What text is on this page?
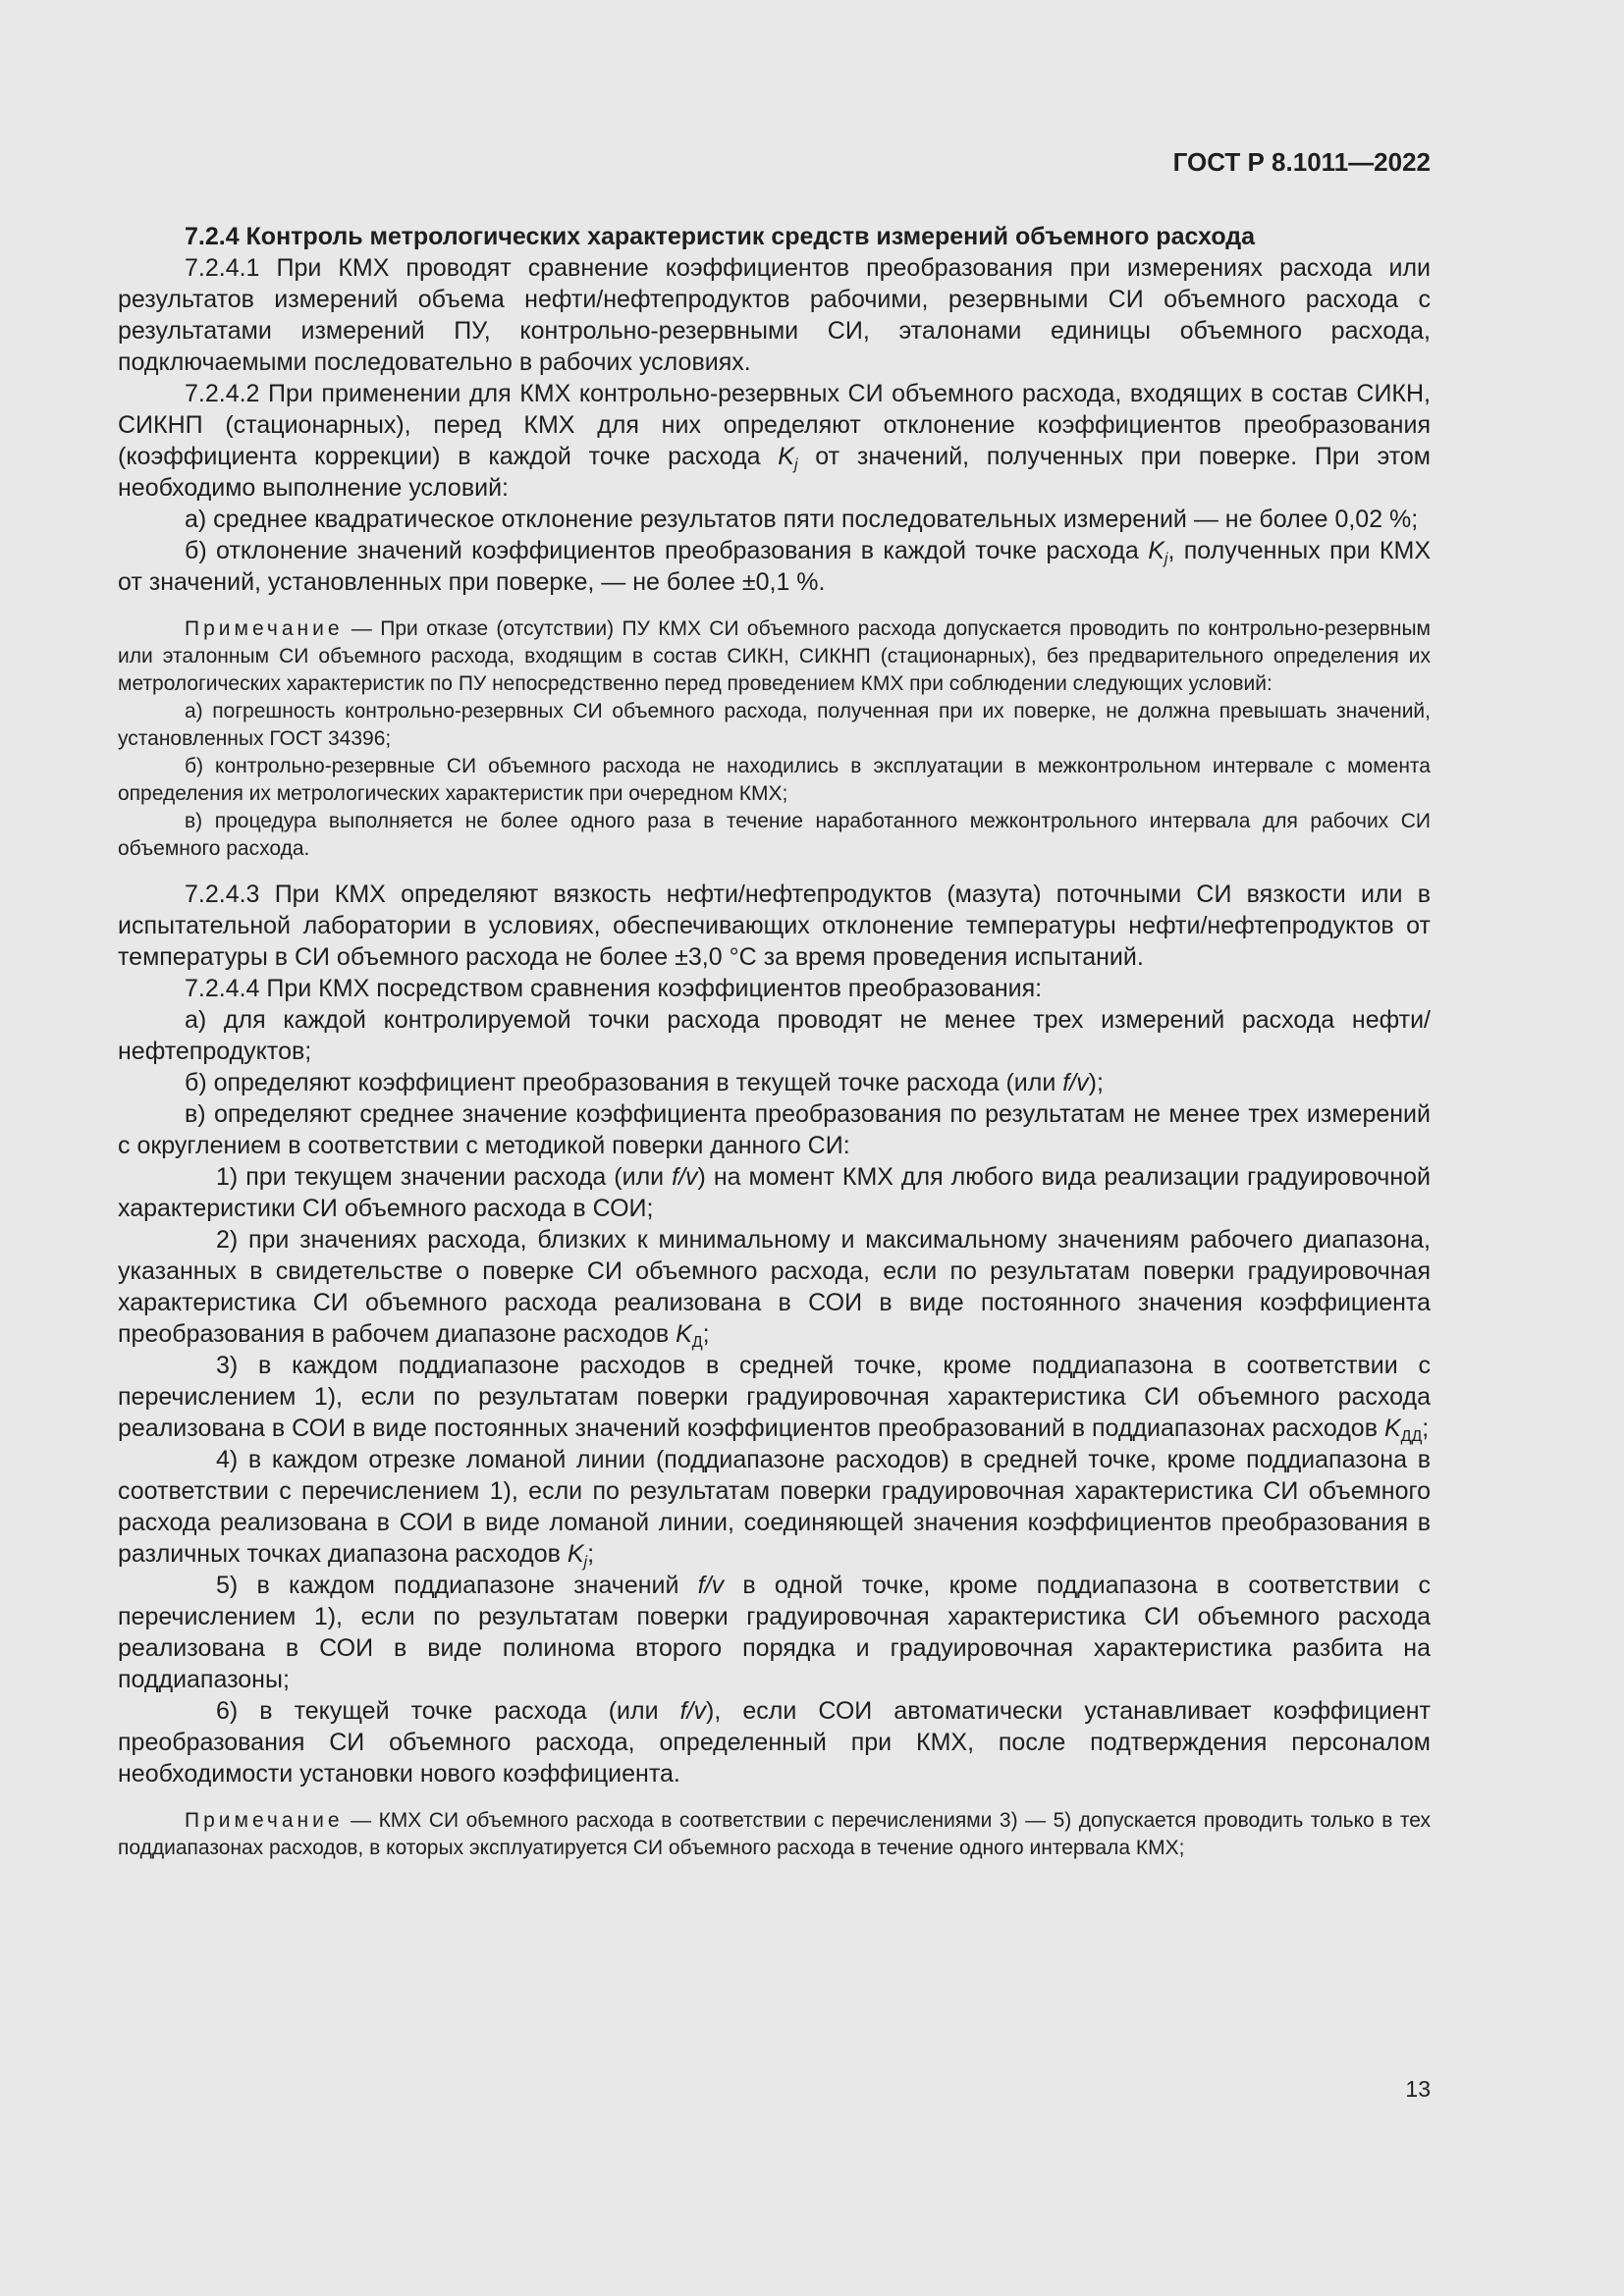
ГОСТ Р 8.1011—2022

7.2.4 Контроль метрологических характеристик средств измерений объемного расхода

7.2.4.1 При КМХ проводят сравнение коэффициентов преобразования при измерениях расхода или результатов измерений объема нефти/нефтепродуктов рабочими, резервными СИ объемного расхода с результатами измерений ПУ, контрольно-резервными СИ, эталонами единицы объемного расхода, подключаемыми последовательно в рабочих условиях.

7.2.4.2 При применении для КМХ контрольно-резервных СИ объемного расхода, входящих в состав СИКН, СИКНП (стационарных), перед КМХ для них определяют отклонение коэффициентов преобразования (коэффициента коррекции) в каждой точке расхода $K_j$ от значений, полученных при поверке. При этом необходимо выполнение условий:

а) среднее квадратическое отклонение результатов пяти последовательных измерений — не более 0,02 %;

б) отклонение значений коэффициентов преобразования в каждой точке расхода $K_j$, полученных при КМХ от значений, установленных при поверке, — не более ±0,1 %.

Примечание — При отказе (отсутствии) ПУ КМХ СИ объемного расхода допускается проводить по контрольно-резервным или эталонным СИ объемного расхода, входящим в состав СИКН, СИКНП (стационарных), без предварительного определения их метрологических характеристик по ПУ непосредственно перед проведением КМХ при соблюдении следующих условий:

а) погрешность контрольно-резервных СИ объемного расхода, полученная при их поверке, не должна превышать значений, установленных ГОСТ 34396;

б) контрольно-резервные СИ объемного расхода не находились в эксплуатации в межконтрольном интервале с момента определения их метрологических характеристик при очередном КМХ;

в) процедура выполняется не более одного раза в течение наработанного межконтрольного интервала для рабочих СИ объемного расхода.

7.2.4.3 При КМХ определяют вязкость нефти/нефтепродуктов (мазута) поточными СИ вязкости или в испытательной лаборатории в условиях, обеспечивающих отклонение температуры нефти/нефтепродуктов от температуры в СИ объемного расхода не более ±3,0 °С за время проведения испытаний.

7.2.4.4 При КМХ посредством сравнения коэффициентов преобразования:

а) для каждой контролируемой точки расхода проводят не менее трех измерений расхода нефти/нефтепродуктов;

б) определяют коэффициент преобразования в текущей точке расхода (или f/v);

в) определяют среднее значение коэффициента преобразования по результатам не менее трех измерений с округлением в соответствии с методикой поверки данного СИ:

1) при текущем значении расхода (или f/v) на момент КМХ для любого вида реализации градуировочной характеристики СИ объемного расхода в СОИ;

2) при значениях расхода, близких к минимальному и максимальному значениям рабочего диапазона, указанных в свидетельстве о поверке СИ объемного расхода, если по результатам поверки градуировочная характеристика СИ объемного расхода реализована в СОИ в виде постоянного значения коэффициента преобразования в рабочем диапазоне расходов $K_Д$;

3) в каждом поддиапазоне расходов в средней точке, кроме поддиапазона в соответствии с перечислением 1), если по результатам поверки градуировочная характеристика СИ объемного расхода реализована в СОИ в виде постоянных значений коэффициентов преобразований в поддиапазонах расходов $K_{ДД}$;

4) в каждом отрезке ломаной линии (поддиапазоне расходов) в средней точке, кроме поддиапазона в соответствии с перечислением 1), если по результатам поверки градуировочная характеристика СИ объемного расхода реализована в СОИ в виде ломаной линии, соединяющей значения коэффициентов преобразования в различных точках диапазона расходов $K_j$;

5) в каждом поддиапазоне значений f/v в одной точке, кроме поддиапазона в соответствии с перечислением 1), если по результатам поверки градуировочная характеристика СИ объемного расхода реализована в СОИ в виде полинома второго порядка и градуировочная характеристика разбита на поддиапазоны;

6) в текущей точке расхода (или f/v), если СОИ автоматически устанавливает коэффициент преобразования СИ объемного расхода, определенный при КМХ, после подтверждения персоналом необходимости установки нового коэффициента.

Примечание — КМХ СИ объемного расхода в соответствии с перечислениями 3) — 5) допускается проводить только в тех поддиапазонах расходов, в которых эксплуатируется СИ объемного расхода в течение одного интервала КМХ;

13
